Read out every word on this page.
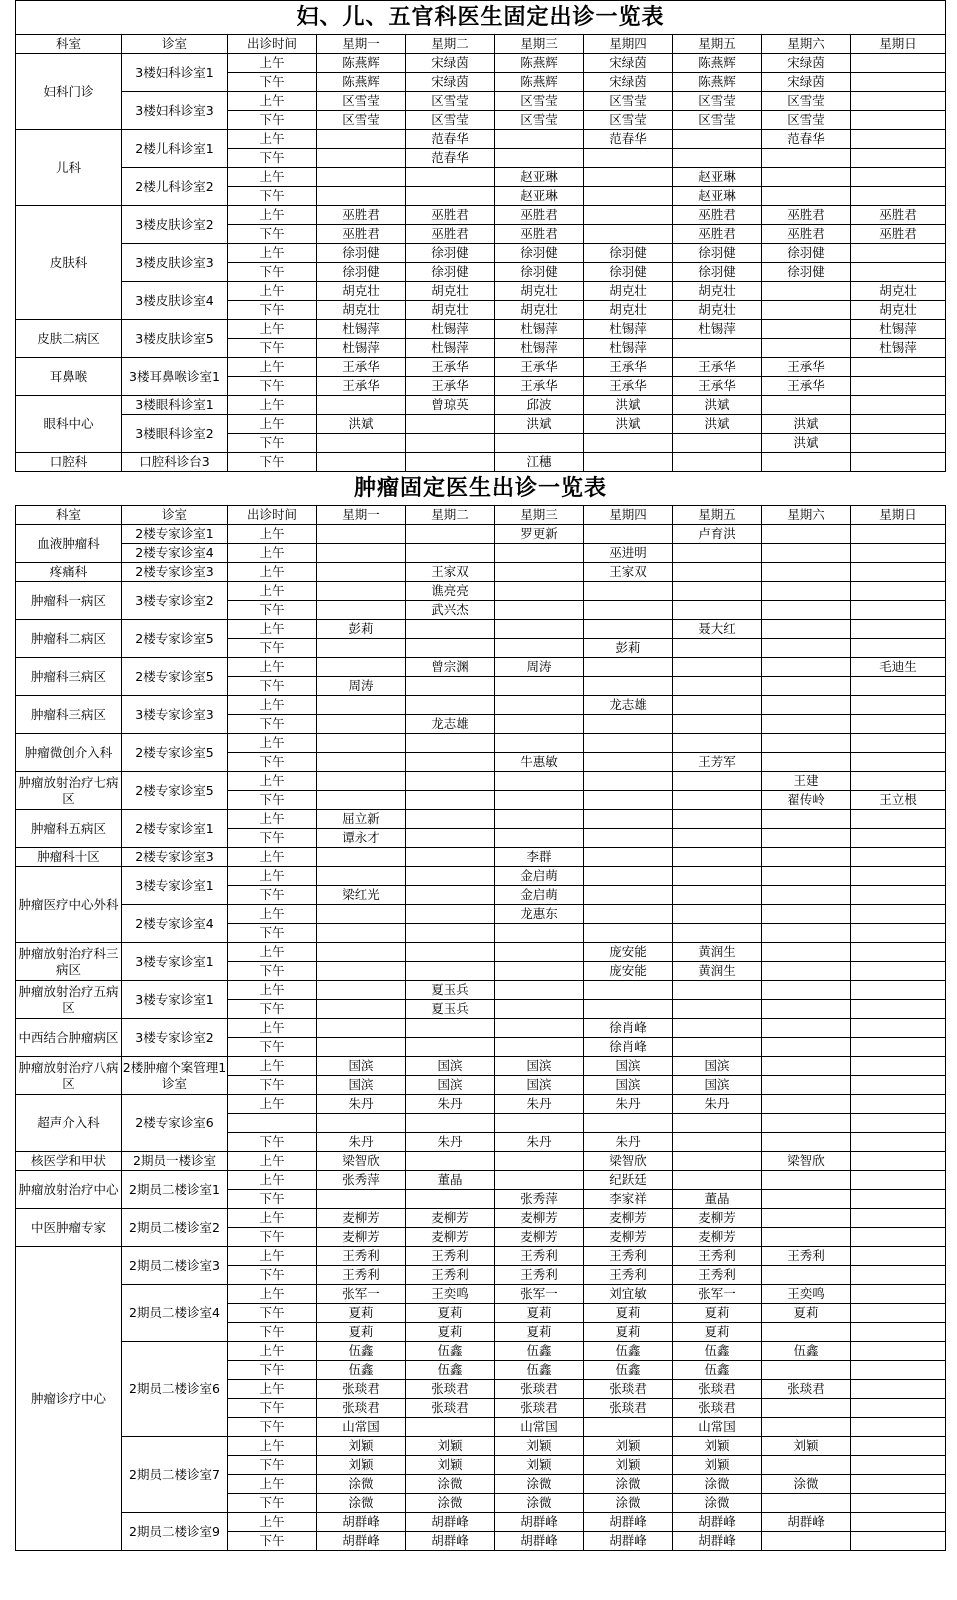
妇、儿、五官科医生固定出诊一览表									
科室	诊室	出诊时间	星期一	星期二	星期三	星期四	星期五	星期六	星期日
妇科门诊	3楼妇科诊室1	上午	陈燕辉	宋绿茵	陈燕辉	宋绿茵	陈燕辉	宋绿茵	
		下午	陈燕辉	宋绿茵	陈燕辉	宋绿茵	陈燕辉	宋绿茵	
	3楼妇科诊室3	上午	区雪莹	区雪莹	区雪莹	区雪莹	区雪莹	区雪莹	
		下午	区雪莹	区雪莹	区雪莹	区雪莹	区雪莹	区雪莹	
儿科	2楼儿科诊室1	上午		范春华		范春华		范春华	
		下午		范春华					
	2楼儿科诊室2	上午			赵亚琳		赵亚琳		
		下午			赵亚琳		赵亚琳		
皮肤科	3楼皮肤诊室2	上午	巫胜君	巫胜君	巫胜君		巫胜君	巫胜君	巫胜君
		下午	巫胜君	巫胜君	巫胜君		巫胜君	巫胜君	巫胜君
	3楼皮肤诊室3	上午	徐羽健	徐羽健	徐羽健	徐羽健	徐羽健	徐羽健	
		下午	徐羽健	徐羽健	徐羽健	徐羽健	徐羽健	徐羽健	
	3楼皮肤诊室4	上午	胡克壮	胡克壮	胡克壮	胡克壮	胡克壮		胡克壮
		下午	胡克壮	胡克壮	胡克壮	胡克壮	胡克壮		胡克壮
皮肤二病区	3楼皮肤诊室5	上午	杜锡萍	杜锡萍	杜锡萍	杜锡萍	杜锡萍		杜锡萍
		下午	杜锡萍	杜锡萍	杜锡萍	杜锡萍			杜锡萍
耳鼻喉	3楼耳鼻喉诊室1	上午	王承华	王承华	王承华	王承华	王承华	王承华	
		下午	王承华	王承华	王承华	王承华	王承华	王承华	
眼科中心	3楼眼科诊室1	上午		曾琼英	邱波	洪斌	洪斌		
	3楼眼科诊室2	上午	洪斌		洪斌	洪斌	洪斌	洪斌	
		下午						洪斌	
口腔科	口腔科诊台3	下午			江穗				
肿瘤固定医生出诊一览表									
科室	诊室	出诊时间	星期一	星期二	星期三	星期四	星期五	星期六	星期日
血液肿瘤科	2楼专家诊室1	上午			罗更新		卢育洪		
	2楼专家诊室4	上午				巫进明			
疼痛科	2楼专家诊室3	上午		王家双		王家双			
肿瘤科一病区	3楼专家诊室2	上午		谯亮亮					
		下午		武兴杰					
肿瘤科二病区	2楼专家诊室5	上午	彭莉				聂大红		
		下午				彭莉			
肿瘤科三病区	2楼专家诊室5	上午		曾宗渊	周涛				毛迪生
		下午	周涛						
肿瘤科三病区	3楼专家诊室3	上午				龙志雄			
		下午		龙志雄					
肿瘤微创介入科	2楼专家诊室5	上午							
		下午			牛惠敏		王芳军		
肿瘤放射治疗七病区	2楼专家诊室5	上午						王建	
		下午						翟传岭	王立根
肿瘤科五病区	2楼专家诊室1	上午	屈立新						
		下午	谭永才						
肿瘤科十区	2楼专家诊室3	上午			李群				
肿瘤医疗中心外科	3楼专家诊室1	上午			金启萌				
		下午	梁红光		金启萌				
	2楼专家诊室4	上午			龙惠东				
		下午							
肿瘤放射治疗科三病区	3楼专家诊室1	上午				庞安能	黄润生		
		下午				庞安能	黄润生		
肿瘤放射治疗五病区	3楼专家诊室1	上午		夏玉兵					
		下午		夏玉兵					
中西结合肿瘤病区	3楼专家诊室2	上午				徐肖峰			
		下午				徐肖峰			
肿瘤放射治疗八病区	2楼肿瘤个案管理1诊室	上午	国滨	国滨	国滨	国滨	国滨		
		下午	国滨	国滨	国滨	国滨	国滨		
超声介入科	2楼专家诊室6	上午	朱丹	朱丹	朱丹	朱丹	朱丹		

		下午	朱丹	朱丹	朱丹	朱丹			
核医学和甲状	2期员一楼诊室	上午	梁智欣			梁智欣		梁智欣	
肿瘤放射治疗中心	2期员二楼诊室1	上午	张秀萍	董晶		纪跃廷			
		下午			张秀萍	李家祥	董晶		
中医肿瘤专家	2期员二楼诊室2	上午	麦柳芳	麦柳芳	麦柳芳	麦柳芳	麦柳芳		
		下午	麦柳芳	麦柳芳	麦柳芳	麦柳芳	麦柳芳		
肿瘤诊疗中心	2期员二楼诊室3	上午	王秀利	王秀利	王秀利	王秀利	王秀利	王秀利	
		下午	王秀利	王秀利	王秀利	王秀利	王秀利		
	2期员二楼诊室4	上午	张军一	王奕鸣	张军一	刘宜敏	张军一	王奕鸣	
		下午	夏莉	夏莉	夏莉	夏莉	夏莉	夏莉	
		下午	夏莉	夏莉	夏莉	夏莉	夏莉		
	2期员二楼诊室6	上午	伍鑫	伍鑫	伍鑫	伍鑫	伍鑫	伍鑫	
		下午	伍鑫	伍鑫	伍鑫	伍鑫	伍鑫		
		上午	张琰君	张琰君	张琰君	张琰君	张琰君	张琰君	
		下午	张琰君	张琰君	张琰君	张琰君	张琰君		
		下午	山常国		山常国		山常国		
	2期员二楼诊室7	上午	刘颖	刘颖	刘颖	刘颖	刘颖	刘颖	
		下午	刘颖	刘颖	刘颖	刘颖	刘颖		
		上午	涂微	涂微	涂微	涂微	涂微	涂微	
		下午	涂微	涂微	涂微	涂微	涂微		
	2期员二楼诊室9	上午	胡群峰	胡群峰	胡群峰	胡群峰	胡群峰	胡群峰	
		下午	胡群峰	胡群峰	胡群峰	胡群峰	胡群峰		
